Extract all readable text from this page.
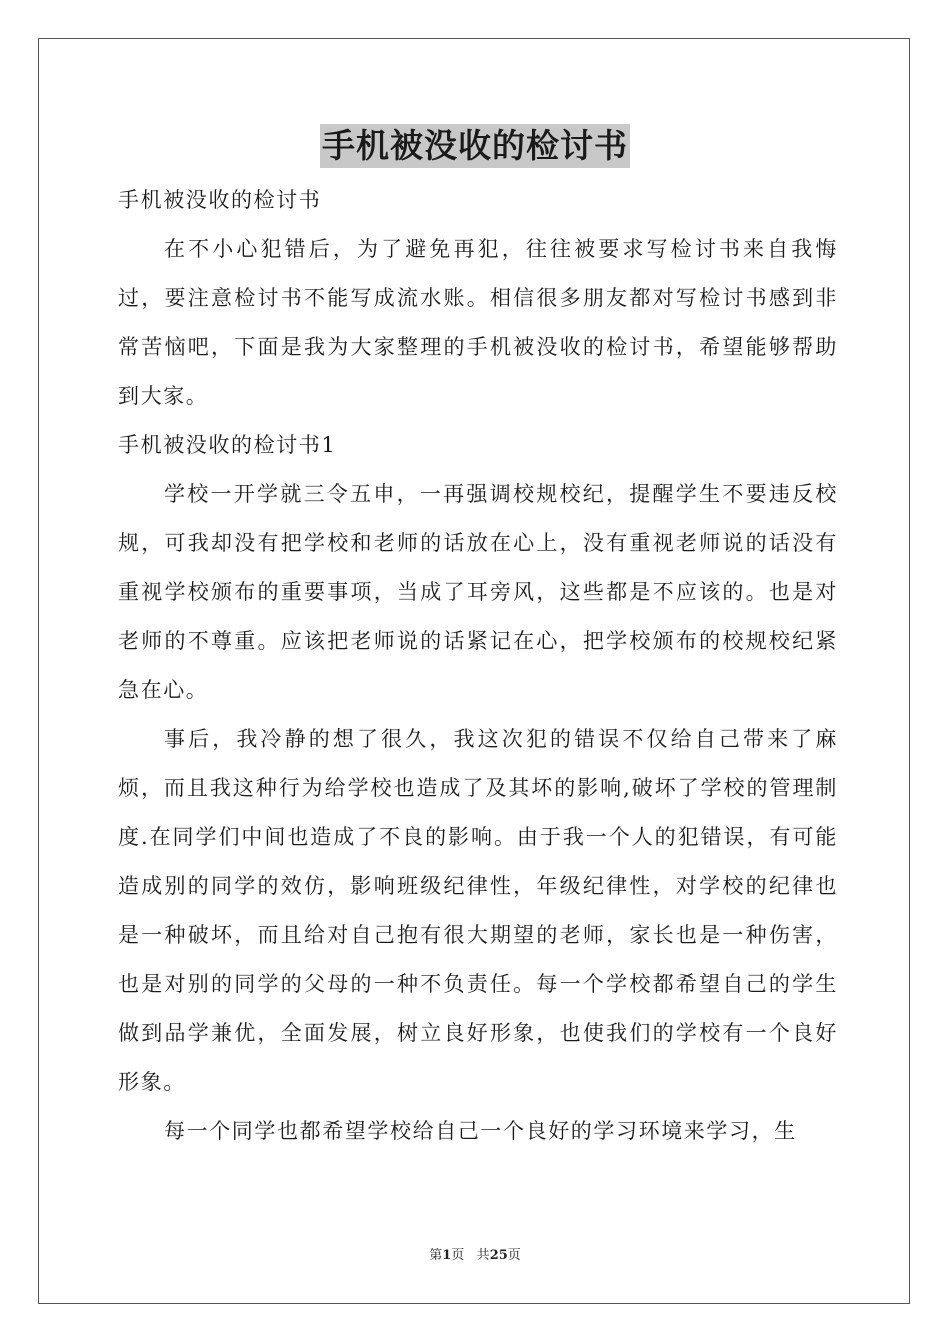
手机被没收的检讨书

手机被没收的检讨书

在不小心犯错后，为了避免再犯，往往被要求写检讨书来自我悔过，要注意检讨书不能写成流水账。相信很多朋友都对写检讨书感到非常苦恼吧，下面是我为大家整理的手机被没收的检讨书，希望能够帮助到大家。

手机被没收的检讨书1

学校一开学就三令五申，一再强调校规校纪，提醒学生不要违反校规，可我却没有把学校和老师的话放在心上，没有重视老师说的话没有重视学校颁布的重要事项，当成了耳旁风，这些都是不应该的。也是对老师的不尊重。应该把老师说的话紧记在心，把学校颁布的校规校纪紧急在心。

事后，我冷静的想了很久，我这次犯的错误不仅给自己带来了麻烦，而且我这种行为给学校也造成了及其坏的影响,破坏了学校的管理制度.在同学们中间也造成了不良的影响。由于我一个人的犯错误，有可能造成别的同学的效仿，影响班级纪律性，年级纪律性，对学校的纪律也是一种破坏，而且给对自己抱有很大期望的老师，家长也是一种伤害，也是对别的同学的父母的一种不负责任。每一个学校都希望自己的学生做到品学兼优，全面发展，树立良好形象，也使我们的学校有一个良好形象。

每一个同学也都希望学校给自己一个良好的学习环境来学习，生

第1页 共25页
